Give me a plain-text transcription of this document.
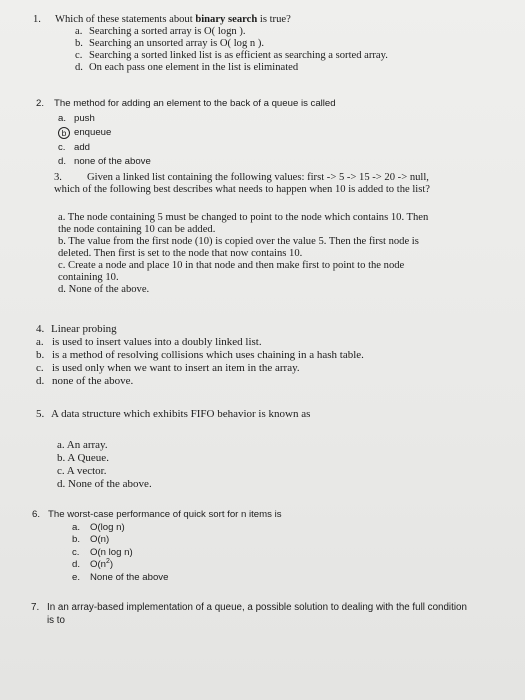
1.	Which of these statements about binary search is true?
a. Searching a sorted array is O( logn ).
b. Searching an unsorted array is O( log n ).
c. Searching a sorted linked list is as efficient as searching a sorted array.
d. On each pass one element in the list is eliminated
2.	The method for adding an element to the back of a queue is called
a. push
b enqueue
c. add
d. none of the above
3.	Given a linked list containing the following values: first -> 5 -> 15 -> 20 -> null,
which of the following best describes what needs to happen when 10 is added to the list?
a. The node containing 5 must be changed to point to the node which contains 10. Then
the node containing 10 can be added.
b. The value from the first node (10) is copied over the value 5. Then the first node is
deleted. Then first is set to the node that now contains 10.
c. Create a node and place 10 in that node and then make first to point to the node
containing 10.
d. None of the above.
4. Linear probing
a. is used to insert values into a doubly linked list.
b. is a method of resolving collisions which uses chaining in a hash table.
c. is used only when we want to insert an item in the array.
d. none of the above.
5. A data structure which exhibits FIFO behavior is known as
a. An array.
b. A Queue.
c. A vector.
d. None of the above.
6. The worst-case performance of quick sort for n items is
a.	O(log n)
b.	O(n)
c.	O(n log n)
d.	$O(n^2)$
e.	None of the above
7. In an array-based implementation of a queue, a possible solution to dealing with the full condition
is to
